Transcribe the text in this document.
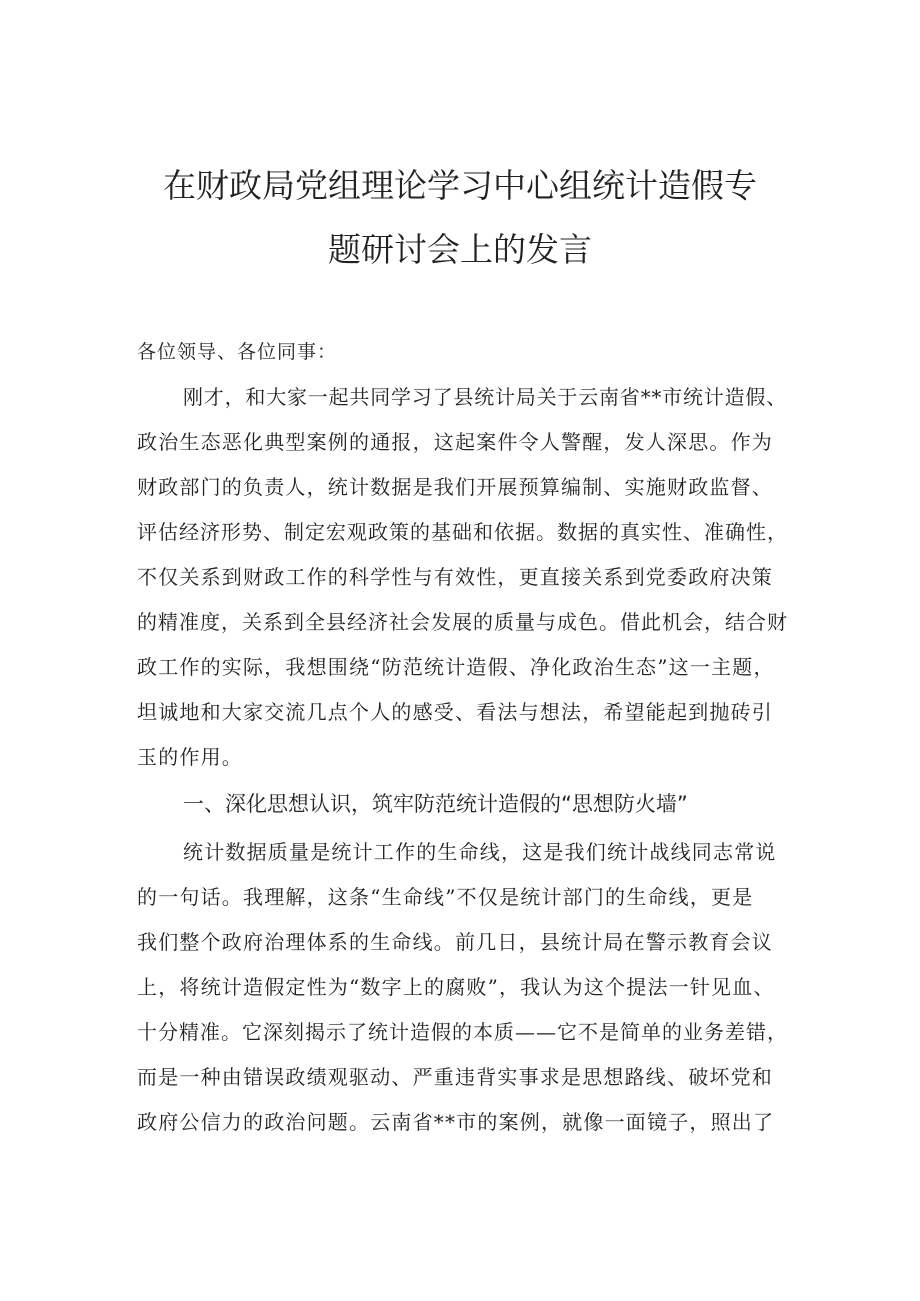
在财政局党组理论学习中心组统计造假专
题研讨会上的发言
各位领导、各位同事：
刚才，和大家一起共同学习了县统计局关于云南省**市统计造假、
政治生态恶化典型案例的通报，这起案件令人警醒，发人深思。作为
财政部门的负责人，统计数据是我们开展预算编制、实施财政监督、
评估经济形势、制定宏观政策的基础和依据。数据的真实性、准确性，
不仅关系到财政工作的科学性与有效性，更直接关系到党委政府决策
的精准度，关系到全县经济社会发展的质量与成色。借此机会，结合财
政工作的实际，我想围绕“防范统计造假、净化政治生态”这一主题，
坦诚地和大家交流几点个人的感受、看法与想法，希望能起到抛砖引
玉的作用。
一、深化思想认识，筑牢防范统计造假的“思想防火墙”
统计数据质量是统计工作的生命线，这是我们统计战线同志常说
的一句话。我理解，这条“生命线”不仅是统计部门的生命线，更是
我们整个政府治理体系的生命线。前几日，县统计局在警示教育会议
上，将统计造假定性为“数字上的腐败”，我认为这个提法一针见血、
十分精准。它深刻揭示了统计造假的本质——它不是简单的业务差错，
而是一种由错误政绩观驱动、严重违背实事求是思想路线、破坏党和
政府公信力的政治问题。云南省**市的案例，就像一面镜子，照出了
